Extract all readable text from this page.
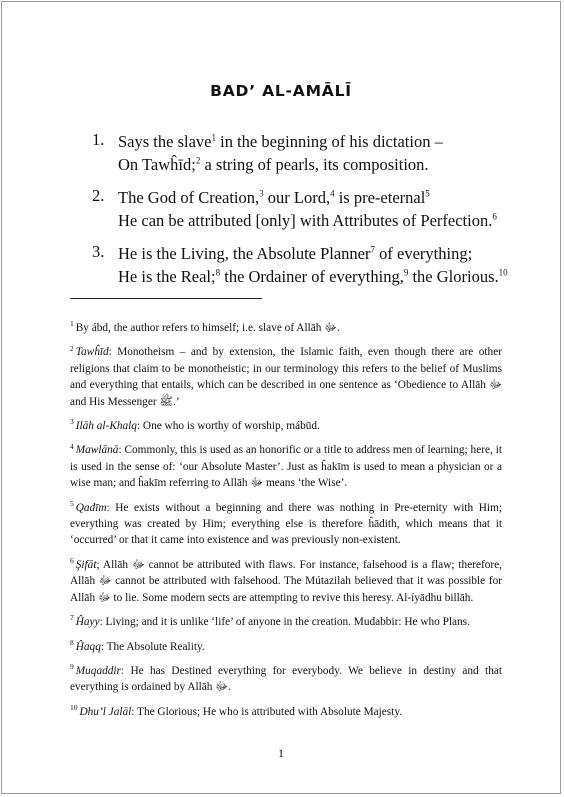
BAD’ AL-AMĀLĪ
1. Says the slave$^1$ in the beginning of his dictation –
On Tawĥīd;$^2$ a string of pearls, its composition.
2. The God of Creation,$^3$ our Lord,$^4$ is pre-eternal$^5$
He can be attributed [only] with Attributes of Perfection.$^6$
3. He is the Living, the Absolute Planner$^7$ of everything;
He is the Real;$^8$ the Ordainer of everything,$^9$ the Glorious.$^{10}$

$^1$ By ábd, the author refers to himself; i.e. slave of Allāh ﷻ.

$^2$ Tawĥīd: Monotheism – and by extension, the Islamic faith, even though there are other religions that claim to be monotheistic; in our terminology this refers to the belief of Muslims and everything that entails, which can be described in one sentence as ‘Obedience to Allāh ﷻ and His Messenger ﷺ.’

$^3$ Ilāh al-Khalq: One who is worthy of worship, mábūd.

$^4$ Mawlānā: Commonly, this is used as an honorific or a title to address men of learning; here, it is used in the sense of: ‘our Absolute Master’. Just as ĥakīm is used to mean a physician or a wise man; and ĥakīm referring to Allāh ﷻ means ‘the Wise’.

$^5$ Qadīm: He exists without a beginning and there was nothing in Pre-eternity with Him; everything was created by Him; everything else is therefore ĥādith, which means that it ‘occurred’ or that it came into existence and was previously non-existent.

$^6$ Şifāt; Allāh ﷻ cannot be attributed with flaws. For instance, falsehood is a flaw; therefore, Allāh ﷻ cannot be attributed with falsehood. The Mútazilah believed that it was possible for Allāh ﷻ to lie. Some modern sects are attempting to revive this heresy. Al-íyādhu billāh.

$^7$ Ĥayy: Living; and it is unlike ‘life’ of anyone in the creation. Mudabbir: He who Plans.

$^8$ Ĥaqq: The Absolute Reality.

$^9$ Muqaddir: He has Destined everything for everybody. We believe in destiny and that everything is ordained by Allāh ﷻ.

$^{10}$ Dhu’l Jalāl: The Glorious; He who is attributed with Absolute Majesty.

1
